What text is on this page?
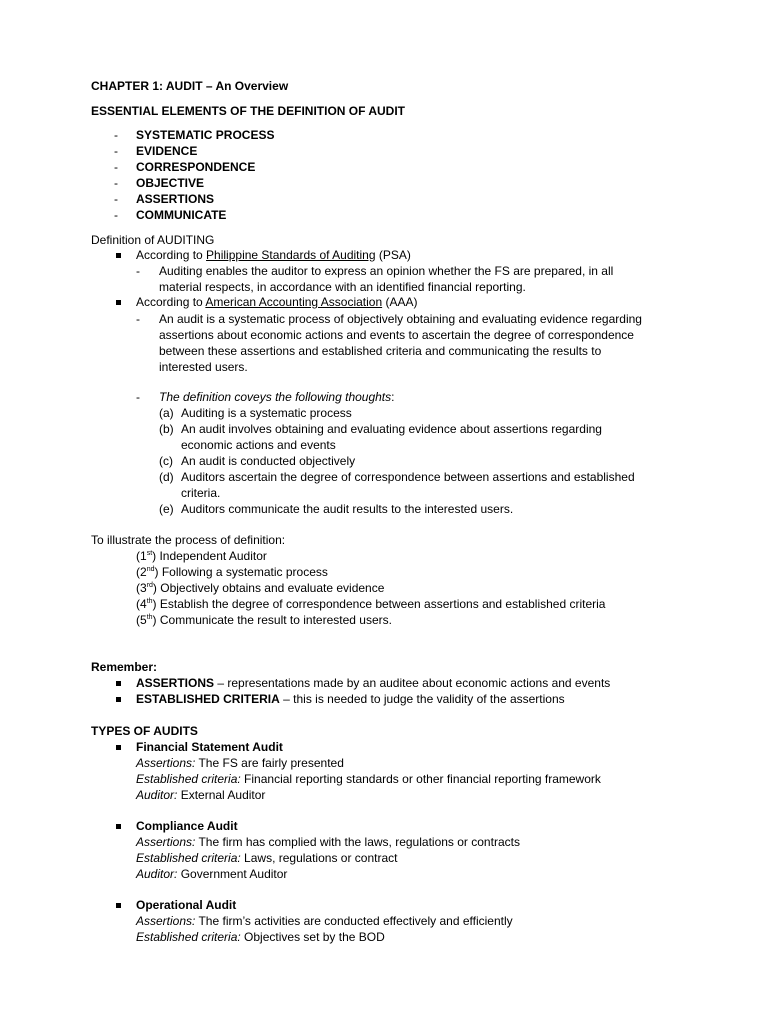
CHAPTER 1: AUDIT – An Overview
ESSENTIAL ELEMENTS OF THE DEFINITION OF AUDIT
- SYSTEMATIC PROCESS
- EVIDENCE
- CORRESPONDENCE
- OBJECTIVE
- ASSERTIONS
- COMMUNICATE
Definition of AUDITING
According to Philippine Standards of Auditing (PSA)
- Auditing enables the auditor to express an opinion whether the FS are prepared, in all
material respects, in accordance with an identified financial reporting.
According to American Accounting Association (AAA)
- An audit is a systematic process of objectively obtaining and evaluating evidence regarding
assertions about economic actions and events to ascertain the degree of correspondence
between these assertions and established criteria and communicating the results to
interested users.
- The definition coveys the following thoughts:
(a) Auditing is a systematic process
(b) An audit involves obtaining and evaluating evidence about assertions regarding
economic actions and events
(c) An audit is conducted objectively
(d) Auditors ascertain the degree of correspondence between assertions and established
criteria.
(e) Auditors communicate the audit results to the interested users.
To illustrate the process of definition:
(1st) Independent Auditor
(2nd) Following a systematic process
(3rd) Objectively obtains and evaluate evidence
(4th) Establish the degree of correspondence between assertions and established criteria
(5th) Communicate the result to interested users.
Remember:
ASSERTIONS – representations made by an auditee about economic actions and events
ESTABLISHED CRITERIA – this is needed to judge the validity of the assertions
TYPES OF AUDITS
Financial Statement Audit
Assertions: The FS are fairly presented
Established criteria: Financial reporting standards or other financial reporting framework
Auditor: External Auditor
Compliance Audit
Assertions: The firm has complied with the laws, regulations or contracts
Established criteria: Laws, regulations or contract
Auditor: Government Auditor
Operational Audit
Assertions: The firm’s activities are conducted effectively and efficiently
Established criteria: Objectives set by the BOD
